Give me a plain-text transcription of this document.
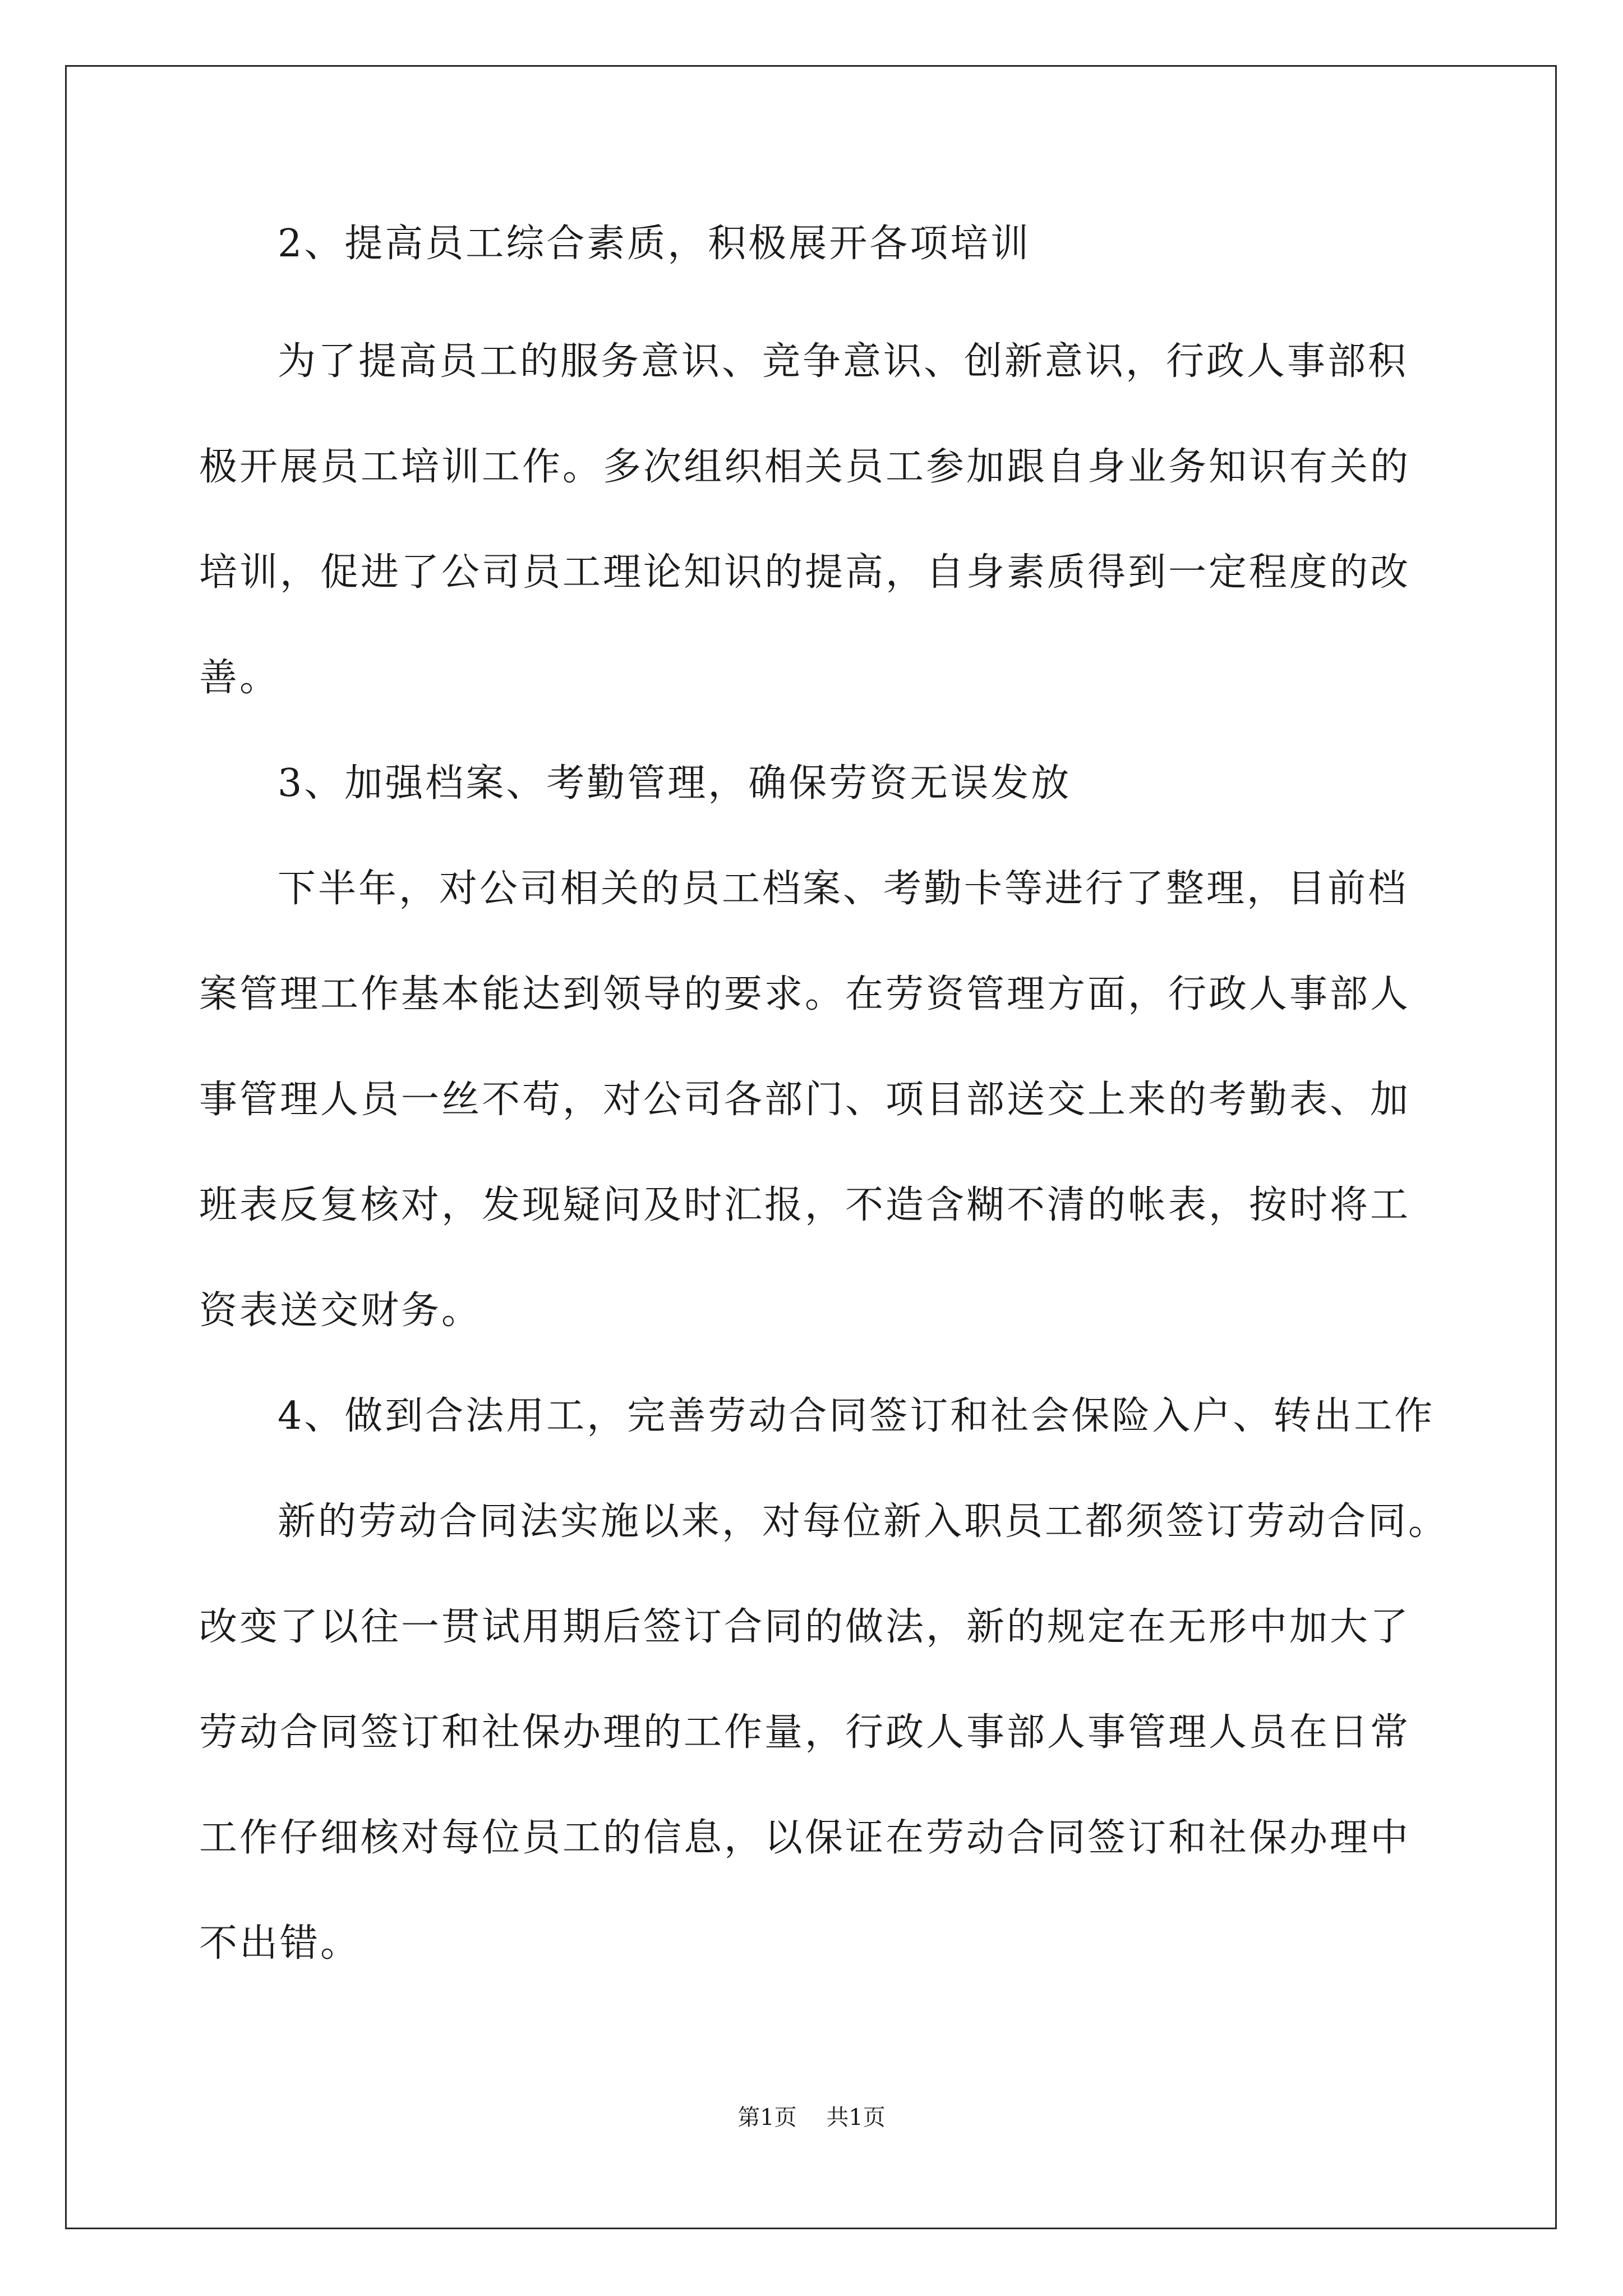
2、提高员工综合素质，积极展开各项培训
为了提高员工的服务意识、竞争意识、创新意识，行政人事部积
极开展员工培训工作。多次组织相关员工参加跟自身业务知识有关的
培训，促进了公司员工理论知识的提高，自身素质得到一定程度的改
善。
3、加强档案、考勤管理，确保劳资无误发放
下半年，对公司相关的员工档案、考勤卡等进行了整理，目前档
案管理工作基本能达到领导的要求。在劳资管理方面，行政人事部人
事管理人员一丝不苟，对公司各部门、项目部送交上来的考勤表、加
班表反复核对，发现疑问及时汇报，不造含糊不清的帐表，按时将工
资表送交财务。
4、做到合法用工，完善劳动合同签订和社会保险入户、转出工作
新的劳动合同法实施以来，对每位新入职员工都须签订劳动合同。
改变了以往一贯试用期后签订合同的做法，新的规定在无形中加大了
劳动合同签订和社保办理的工作量，行政人事部人事管理人员在日常
工作仔细核对每位员工的信息，以保证在劳动合同签订和社保办理中
不出错。
第1页 共1页
